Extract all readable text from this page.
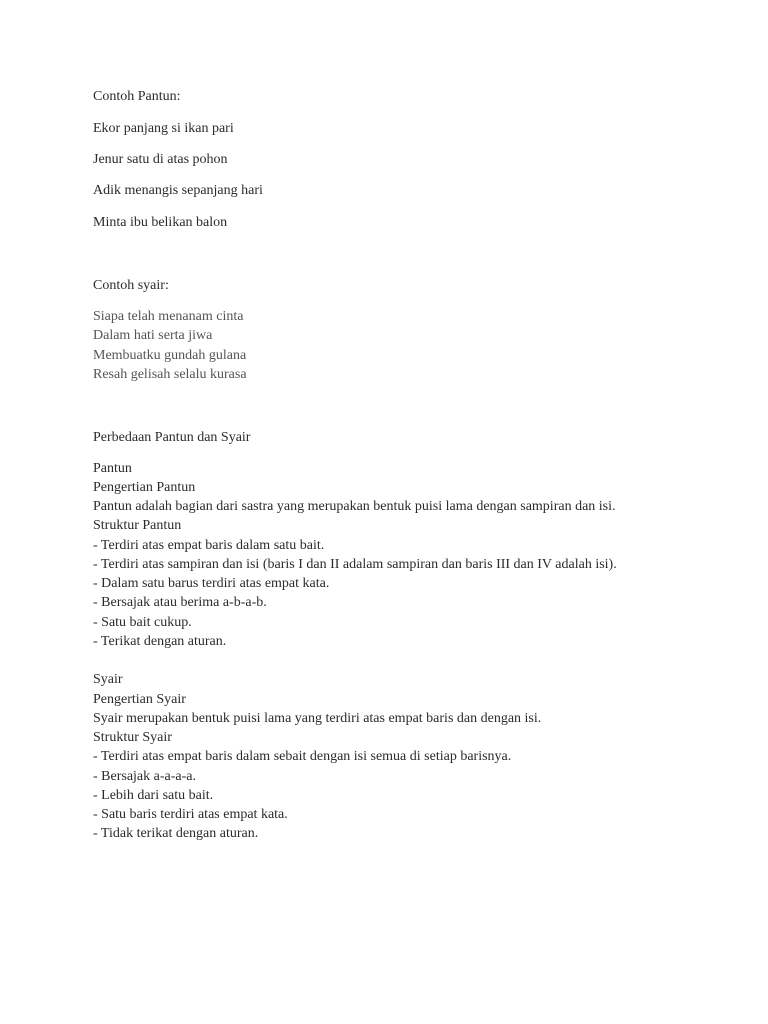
Contoh Pantun:
Ekor panjang si ikan pari
Jenur satu di atas pohon
Adik menangis sepanjang hari
Minta ibu belikan balon
Contoh syair:
Siapa telah menanam cinta
Dalam hati serta jiwa
Membuatku gundah gulana
Resah gelisah selalu kurasa
Perbedaan Pantun dan Syair
Pantun
Pengertian Pantun
Pantun adalah bagian dari sastra yang merupakan bentuk puisi lama dengan sampiran dan isi.
Struktur Pantun
- Terdiri atas empat baris dalam satu bait.
- Terdiri atas sampiran dan isi (baris I dan II adalam sampiran dan baris III dan IV adalah isi).
- Dalam satu barus terdiri atas empat kata.
- Bersajak atau berima a-b-a-b.
- Satu bait cukup.
- Terikat dengan aturan.
Syair
Pengertian Syair
Syair merupakan bentuk puisi lama yang terdiri atas empat baris dan dengan isi.
Struktur Syair
- Terdiri atas empat baris dalam sebait dengan isi semua di setiap barisnya.
- Bersajak a-a-a-a.
- Lebih dari satu bait.
- Satu baris terdiri atas empat kata.
- Tidak terikat dengan aturan.
